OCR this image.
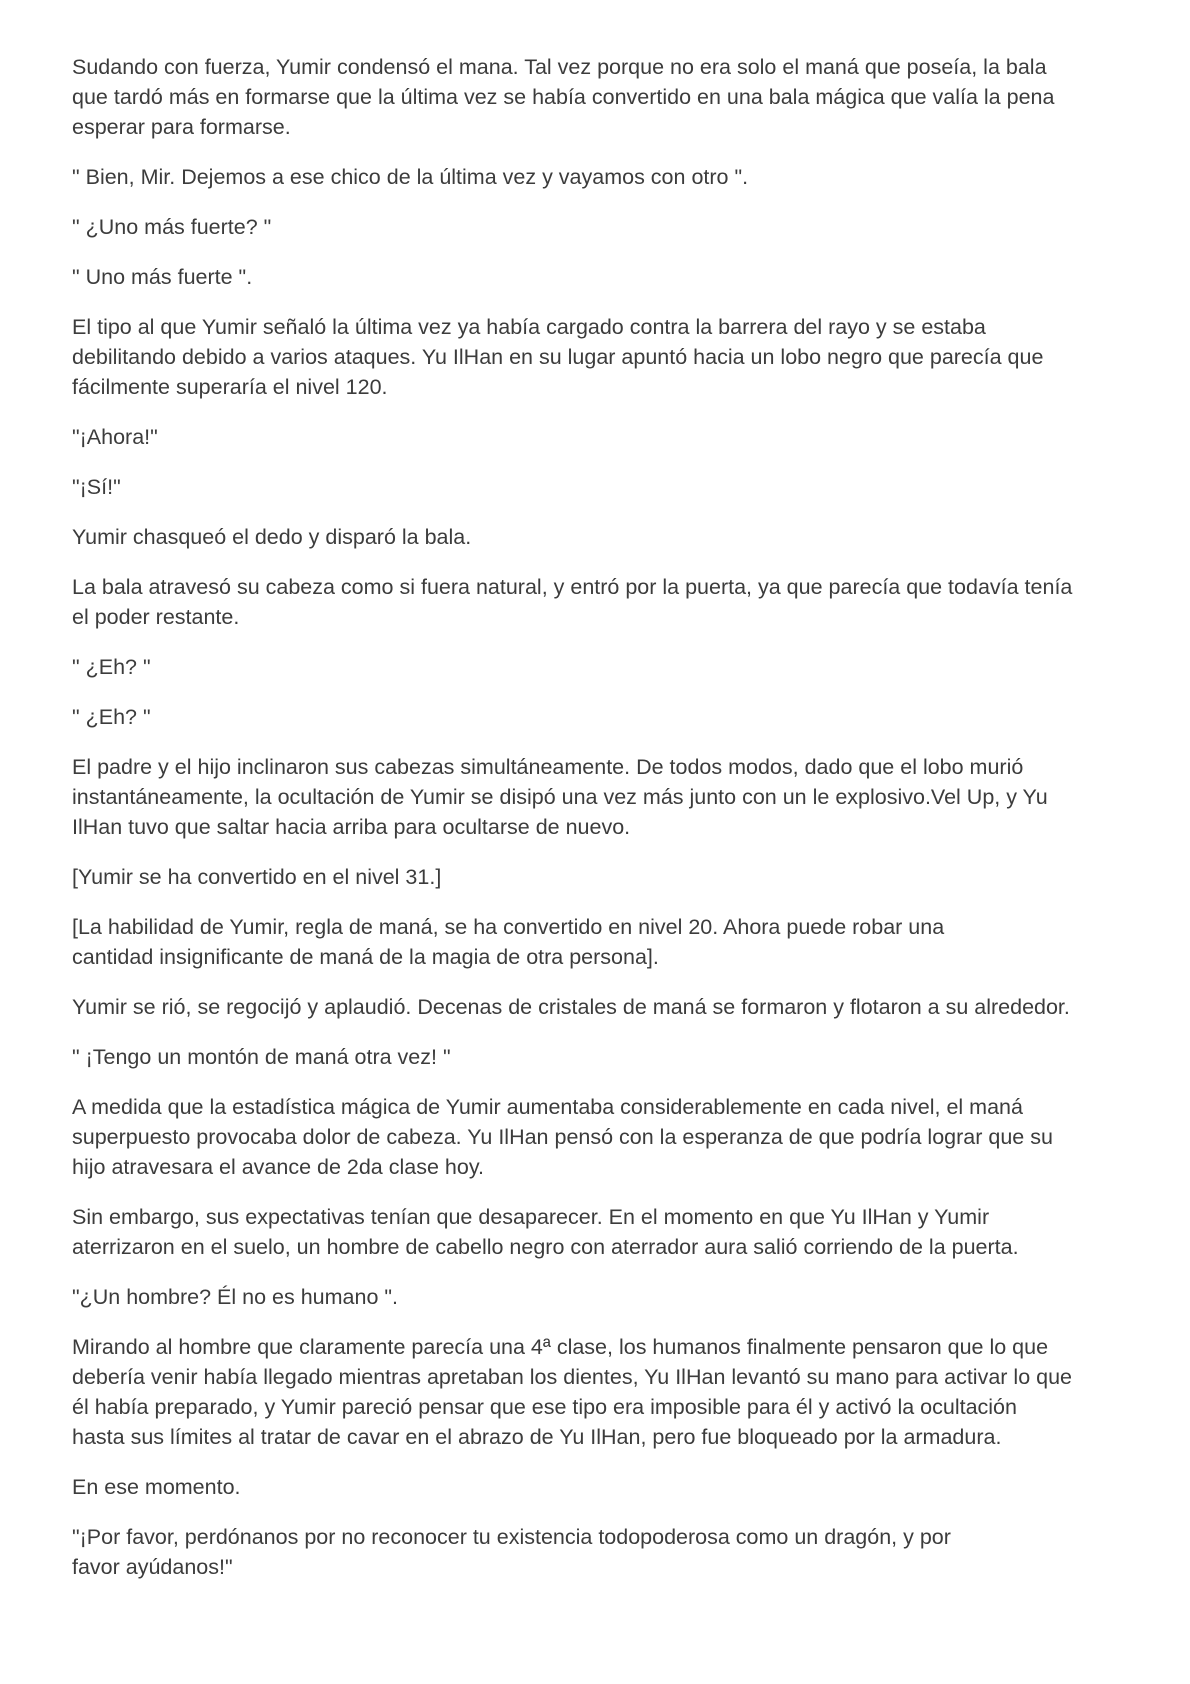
Sudando con fuerza, Yumir condensó el mana. Tal vez porque no era solo el maná que poseía, la bala
que tardó más en formarse que la última vez se había convertido en una bala mágica que valía la pena
esperar para formarse.

" Bien, Mir. Dejemos a ese chico de la última vez y vayamos con otro ".

" ¿Uno más fuerte? "

" Uno más fuerte ".

El tipo al que Yumir señaló la última vez ya había cargado contra la barrera del rayo y se estaba
debilitando debido a varios ataques. Yu IlHan en su lugar apuntó hacia un lobo negro que parecía que
fácilmente superaría el nivel 120.

"¡Ahora!"

"¡Sí!"

Yumir chasqueó el dedo y disparó la bala.

La bala atravesó su cabeza como si fuera natural, y entró por la puerta, ya que parecía que todavía tenía
el poder restante.

" ¿Eh? "

" ¿Eh? "

El padre y el hijo inclinaron sus cabezas simultáneamente. De todos modos, dado que el lobo murió
instantáneamente, la ocultación de Yumir se disipó una vez más junto con un le explosivo.Vel Up, y Yu
IlHan tuvo que saltar hacia arriba para ocultarse de nuevo.

[Yumir se ha convertido en el nivel 31.]

[La habilidad de Yumir, regla de maná, se ha convertido en nivel 20. Ahora puede robar una
cantidad insignificante de maná de la magia de otra persona].

Yumir se rió, se regocijó y aplaudió. Decenas de cristales de maná se formaron y flotaron a su alrededor.

" ¡Tengo un montón de maná otra vez! "

A medida que la estadística mágica de Yumir aumentaba considerablemente en cada nivel, el maná
superpuesto provocaba dolor de cabeza. Yu IlHan pensó con la esperanza de que podría lograr que su
hijo atravesara el avance de 2da clase hoy.

Sin embargo, sus expectativas tenían que desaparecer. En el momento en que Yu IlHan y Yumir
aterrizaron en el suelo, un hombre de cabello negro con aterrador aura salió corriendo de la puerta.

"¿Un hombre? Él no es humano ".

Mirando al hombre que claramente parecía una 4ª clase, los humanos finalmente pensaron que lo que
debería venir había llegado mientras apretaban los dientes, Yu IlHan levantó su mano para activar lo que
él había preparado, y Yumir pareció pensar que ese tipo era imposible para él y activó la ocultación
hasta sus límites al tratar de cavar en el abrazo de Yu IlHan, pero fue bloqueado por la armadura.

En ese momento.

"¡Por favor, perdónanos por no reconocer tu existencia todopoderosa como un dragón, y por
favor ayúdanos!"
